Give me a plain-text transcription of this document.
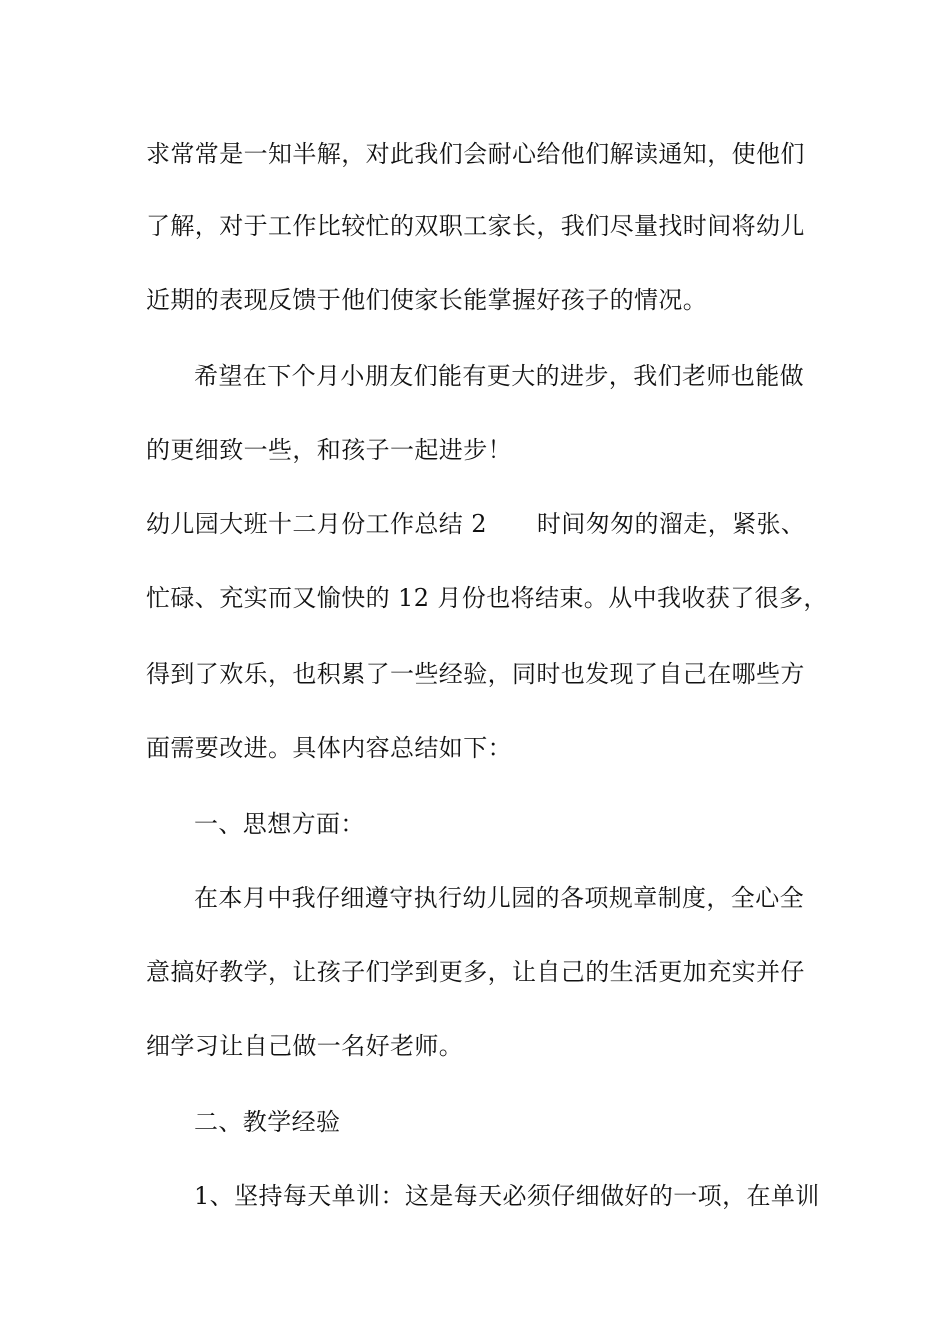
求常常是一知半解，对此我们会耐心给他们解读通知，使他们
了解，对于工作比较忙的双职工家长，我们尽量找时间将幼儿
近期的表现反馈于他们使家长能掌握好孩子的情况。
希望在下个月小朋友们能有更大的进步，我们老师也能做
的更细致一些，和孩子一起进步！
幼儿园大班十二月份工作总结 2 时间匆匆的溜走，紧张、
忙碌、充实而又愉快的 12 月份也将结束。从中我收获了很多，
得到了欢乐，也积累了一些经验，同时也发现了自己在哪些方
面需要改进。具体内容总结如下：
一、思想方面：
在本月中我仔细遵守执行幼儿园的各项规章制度，全心全
意搞好教学，让孩子们学到更多，让自己的生活更加充实并仔
细学习让自己做一名好老师。
二、教学经验
1、坚持每天单训：这是每天必须仔细做好的一项，在单训
